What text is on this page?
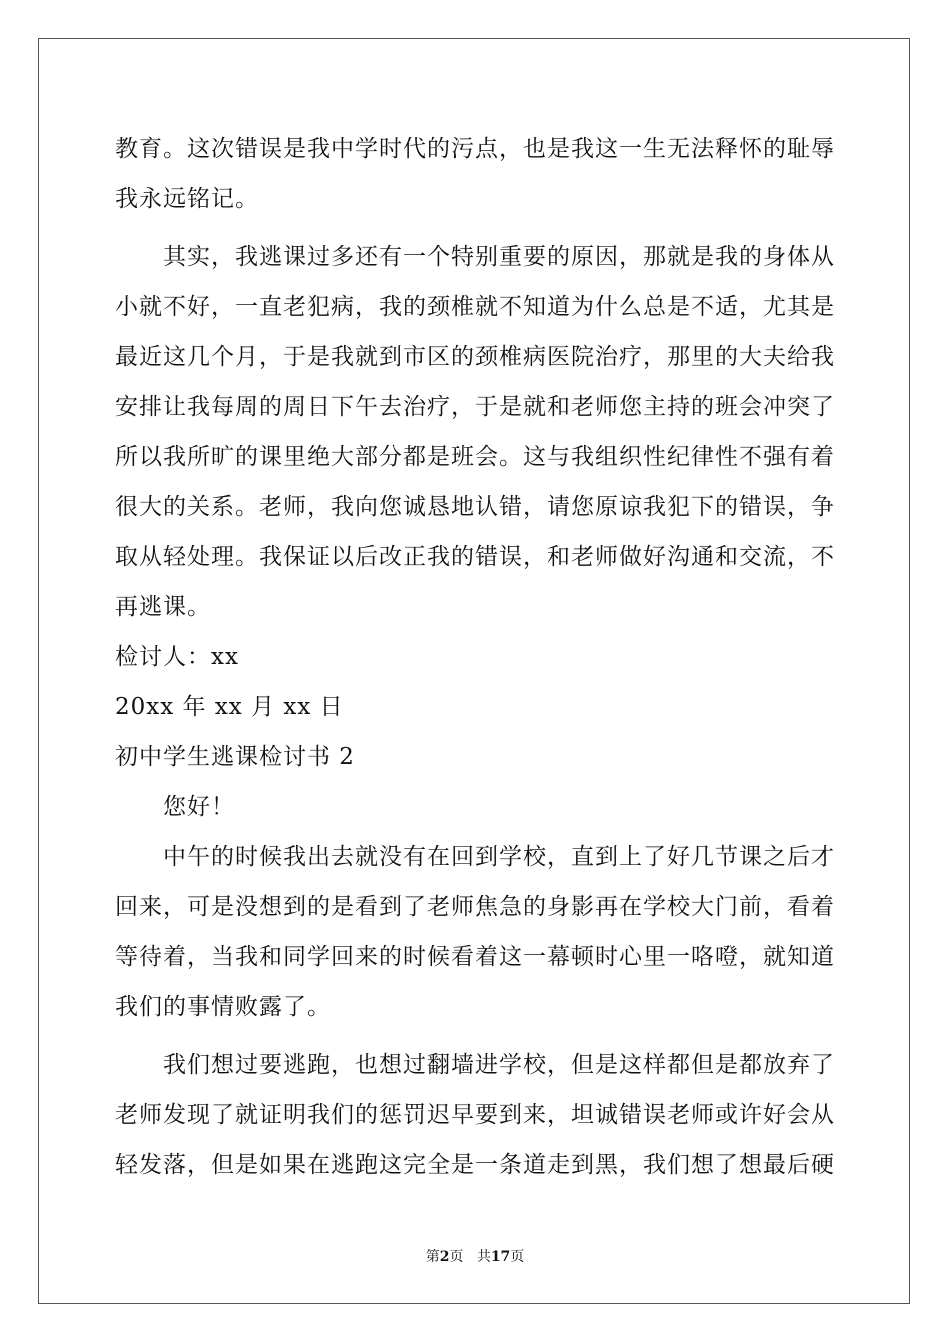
教育。这次错误是我中学时代的污点，也是我这一生无法释怀的耻辱
我永远铭记。
其实，我逃课过多还有一个特别重要的原因，那就是我的身体从
小就不好，一直老犯病，我的颈椎就不知道为什么总是不适，尤其是
最近这几个月，于是我就到市区的颈椎病医院治疗，那里的大夫给我
安排让我每周的周日下午去治疗，于是就和老师您主持的班会冲突了
所以我所旷的课里绝大部分都是班会。这与我组织性纪律性不强有着
很大的关系。老师，我向您诚恳地认错，请您原谅我犯下的错误，争
取从轻处理。我保证以后改正我的错误，和老师做好沟通和交流，不
再逃课。
检讨人：xx
20xx 年 xx 月 xx 日
初中学生逃课检讨书 2
您好！
中午的时候我出去就没有在回到学校，直到上了好几节课之后才
回来，可是没想到的是看到了老师焦急的身影再在学校大门前，看着
等待着，当我和同学回来的时候看着这一幕顿时心里一咯噔，就知道
我们的事情败露了。
我们想过要逃跑，也想过翻墙进学校，但是这样都但是都放弃了
老师发现了就证明我们的惩罚迟早要到来，坦诚错误老师或许好会从
轻发落，但是如果在逃跑这完全是一条道走到黑，我们想了想最后硬
第2页 共17页
